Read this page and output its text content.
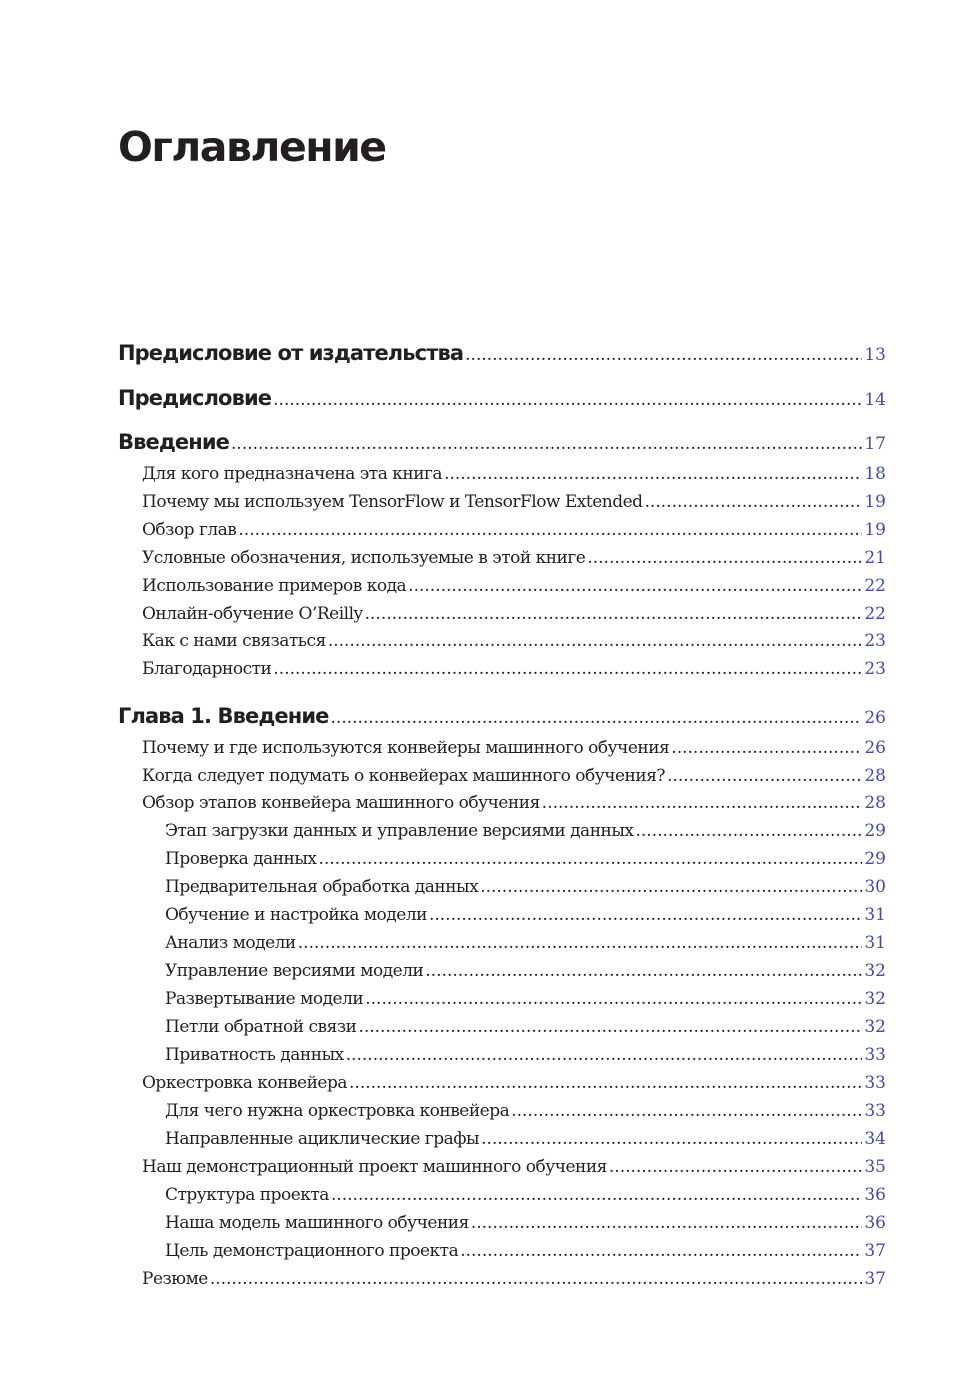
Оглавление
Предисловие от издательства .....	13
Предисловие .....	14
Введение .....	17
Для кого предназначена эта книга .....	18
Почему мы используем TensorFlow и TensorFlow Extended .....	19
Обзор глав .....	19
Условные обозначения, используемые в этой книге .....	21
Использование примеров кода .....	22
Онлайн-обучение O’Reilly .....	22
Как с нами связаться .....	23
Благодарности .....	23
Глава 1. Введение .....	26
Почему и где используются конвейеры машинного обучения .....	26
Когда следует подумать о конвейерах машинного обучения? .....	28
Обзор этапов конвейера машинного обучения .....	28
Этап загрузки данных и управление версиями данных .....	29
Проверка данных .....	29
Предварительная обработка данных .....	30
Обучение и настройка модели .....	31
Анализ модели .....	31
Управление версиями модели .....	32
Развертывание модели .....	32
Петли обратной связи .....	32
Приватность данных .....	33
Оркестровка конвейера .....	33
Для чего нужна оркестровка конвейера .....	33
Направленные ациклические графы .....	34
Наш демонстрационный проект машинного обучения .....	35
Структура проекта .....	36
Наша модель машинного обучения .....	36
Цель демонстрационного проекта .....	37
Резюме .....	37
